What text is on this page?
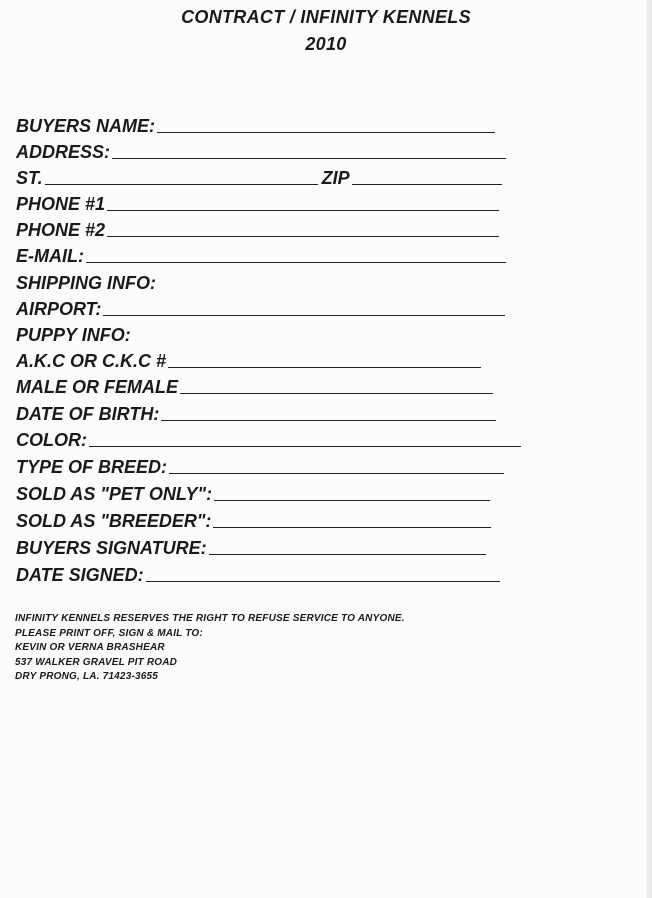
CONTRACT / INFINITY KENNELS
2010
BUYERS NAME:
ADDRESS:
ST.	ZIP
PHONE #1
PHONE #2
E-MAIL:
SHIPPING INFO:
AIRPORT:
PUPPY INFO:
A.K.C OR C.K.C #
MALE OR FEMALE
DATE OF BIRTH:
COLOR:
TYPE OF BREED:
SOLD AS "PET ONLY":
SOLD AS "BREEDER":
BUYERS SIGNATURE:
DATE SIGNED:
INFINITY KENNELS RESERVES THE RIGHT TO REFUSE SERVICE TO ANYONE.
PLEASE PRINT OFF, SIGN & MAIL TO:
KEVIN OR VERNA BRASHEAR
537 WALKER GRAVEL PIT ROAD
DRY PRONG, LA. 71423-3655
